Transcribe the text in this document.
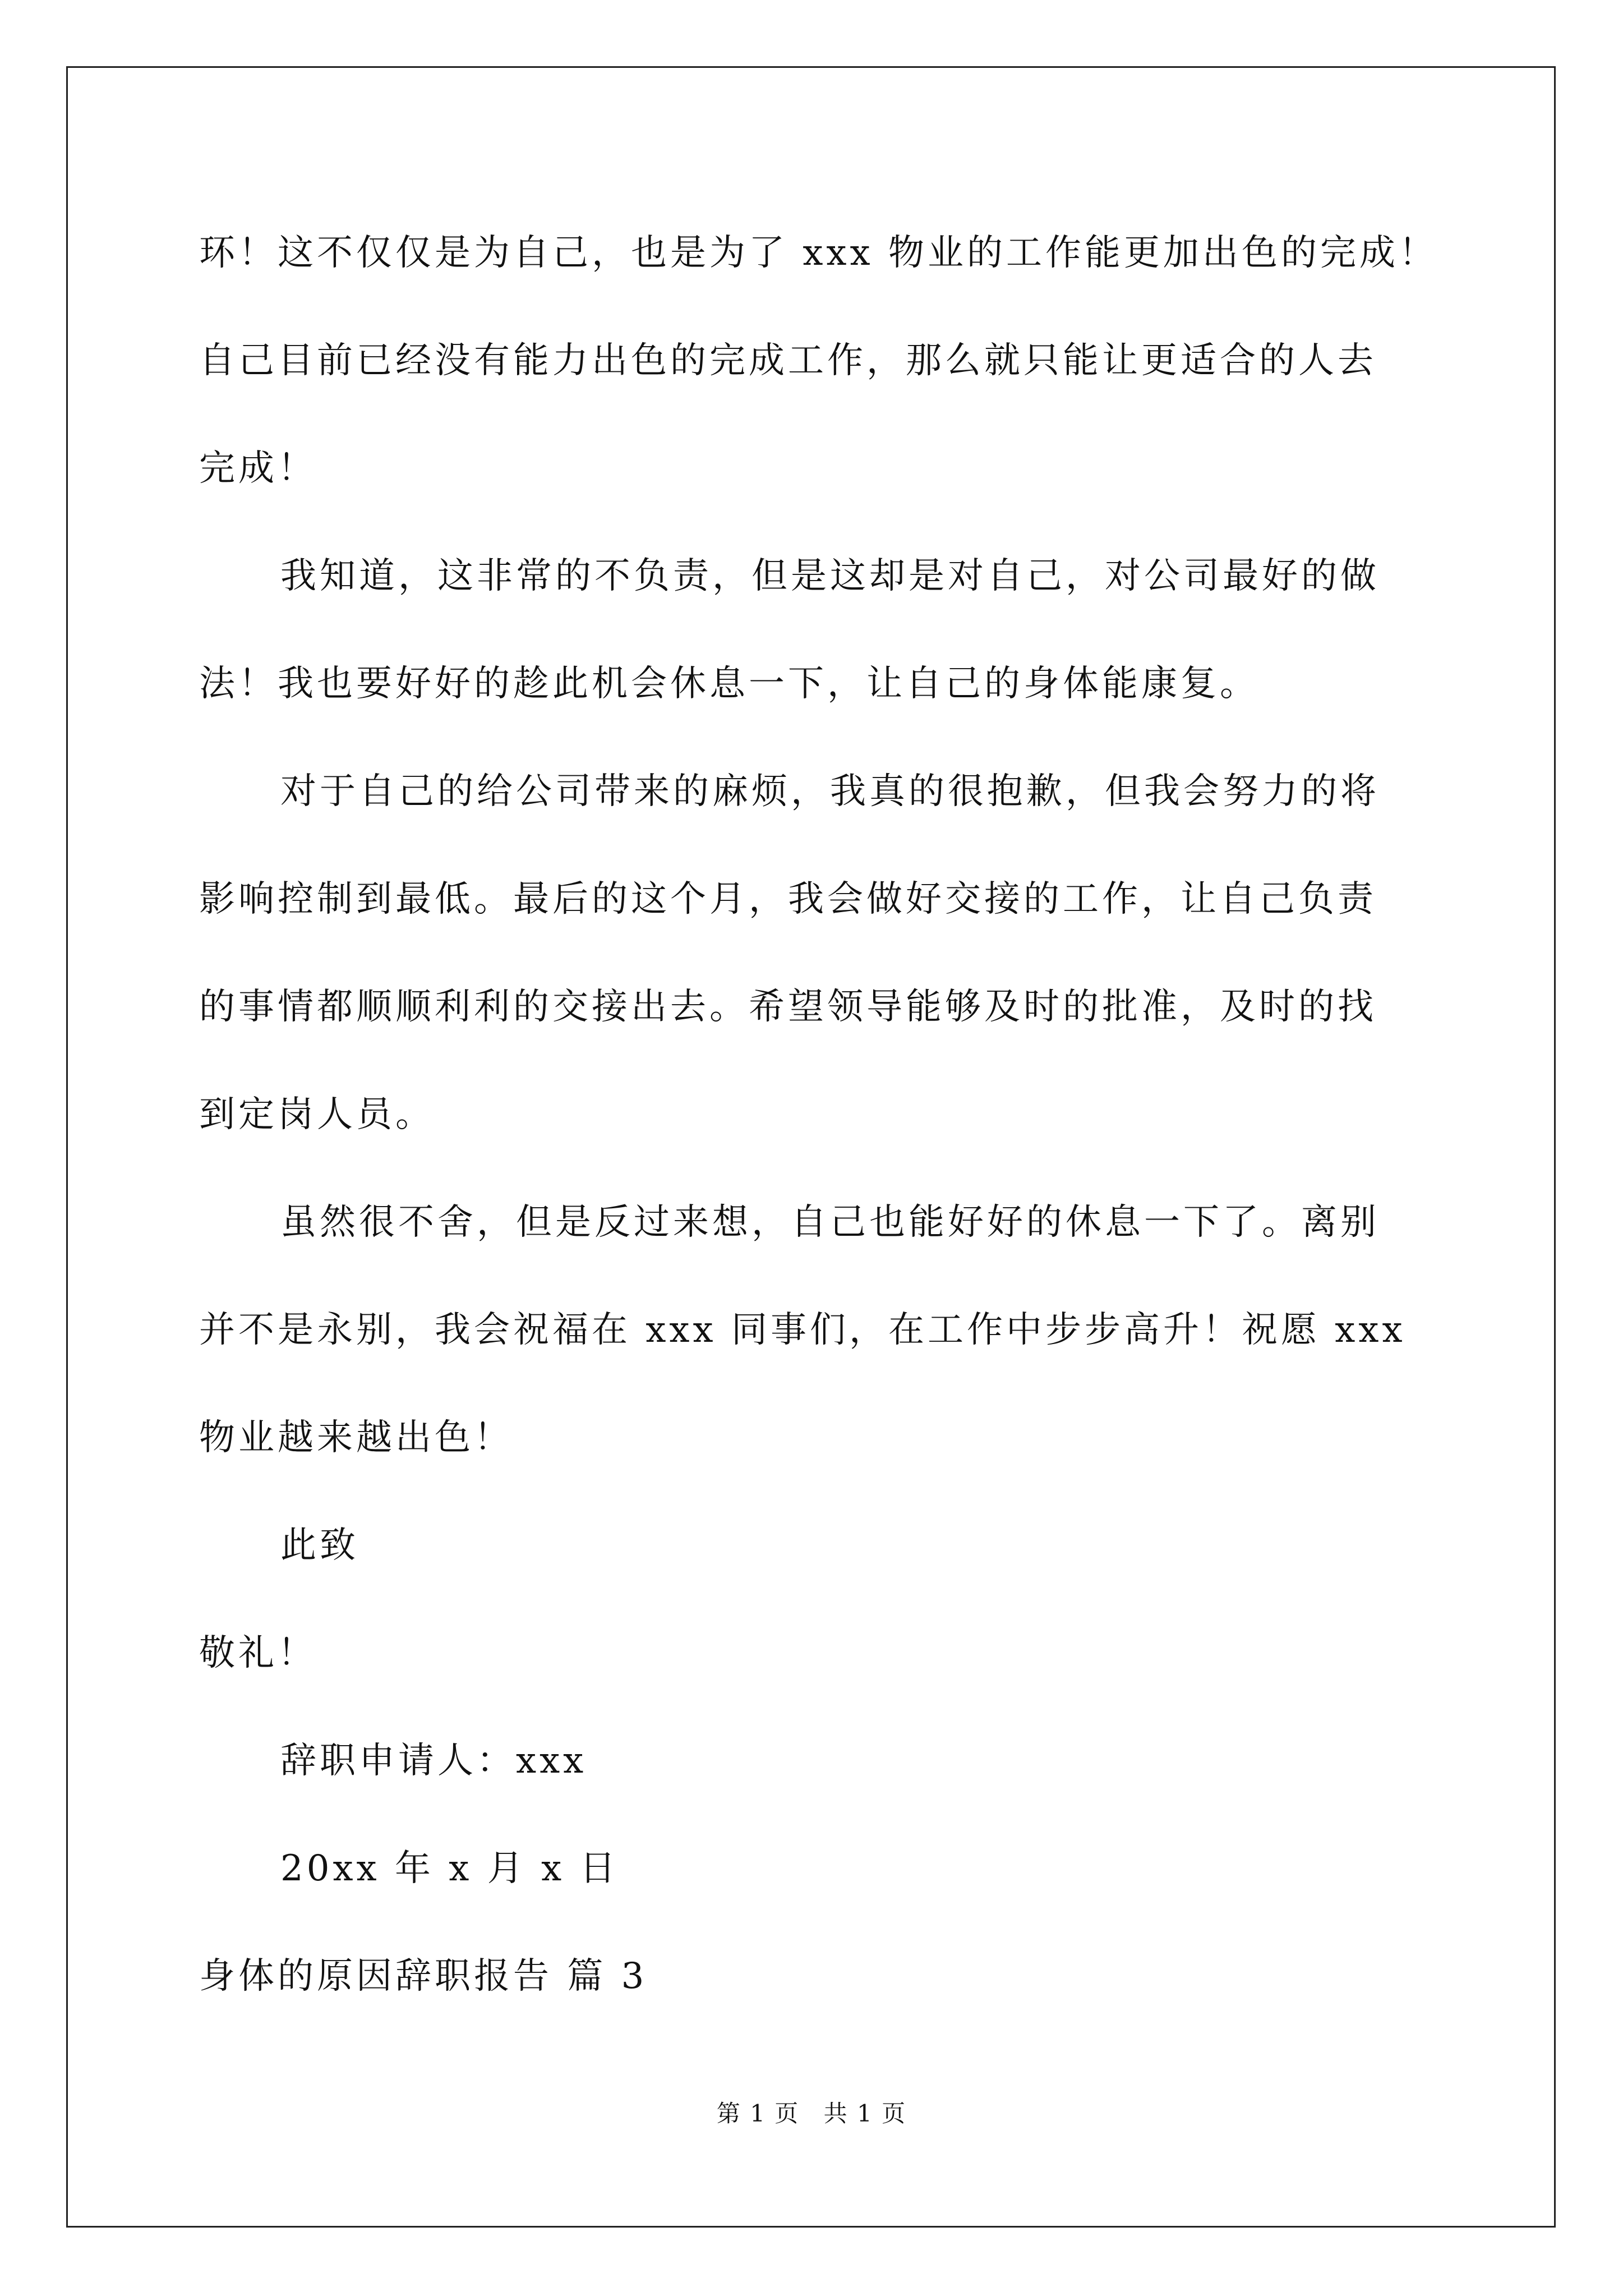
环！这不仅仅是为自己，也是为了 xxx 物业的工作能更加出色的完成！
自己目前已经没有能力出色的完成工作，那么就只能让更适合的人去
完成！
我知道，这非常的不负责，但是这却是对自己，对公司最好的做
法！我也要好好的趁此机会休息一下，让自己的身体能康复。
对于自己的给公司带来的麻烦，我真的很抱歉，但我会努力的将
影响控制到最低。最后的这个月，我会做好交接的工作，让自己负责
的事情都顺顺利利的交接出去。希望领导能够及时的批准，及时的找
到定岗人员。
虽然很不舍，但是反过来想，自己也能好好的休息一下了。离别
并不是永别，我会祝福在 xxx 同事们，在工作中步步高升！祝愿 xxx
物业越来越出色！
此致
敬礼！
辞职申请人：xxx
20xx 年 x 月 x 日
身体的原因辞职报告 篇 3
第 1 页 共 1 页
